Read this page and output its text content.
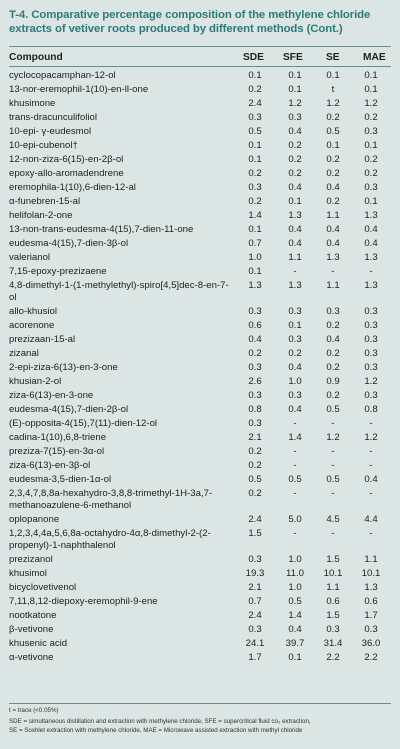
T-4. Comparative percentage composition of the methylene chloride extracts of vetiver roots produced by different methods (Cont.)
Compound	SDE SFE SE MAE
cyclocopacamphan-12-ol	0.1	0.1	0.1	0.1
13-nor-eremophil-1(10)-en-ll-one	0.2	0.1	t	0.1
khusimone	2.4	1.2	1.2	1.2
trans-dracunculifoliol	0.3	0.3	0.2	0.2
10-epi- γ-eudesmol	0.5	0.4	0.5	0.3
10-epi-cubenol†	0.1	0.2	0.1	0.1
12-non-ziza-6(15)-en-2β-ol	0.1	0.2	0.2	0.2
epoxy-allo-aromadendrene	0.2	0.2	0.2	0.2
eremophila-1(10),6-dien-12-al	0.3	0.4	0.4	0.3
α-funebren-15-al	0.2	0.1	0.2	0.1
helifolan-2-one	1.4	1.3	1.1	1.3
13-non-trans-eudesma-4(15),7-dien-11-one	0.1	0.4	0.4	0.4
eudesma-4(15),7-dien-3β-ol	0.7	0.4	0.4	0.4
valerianol	1.0	1.1	1.3	1.3
7,15-epoxy-prezizaene	0.1	-	-	-
4,8-dimethyl-1-(1-methylethyl)-spiro[4,5]dec-8-en-7-ol	1.3	1.3	1.1	1.3
allo-khusiol	0.3	0.3	0.3	0.3
acorenone	0.6	0.1	0.2	0.3
prezizaan-15-al	0.4	0.3	0.4	0.3
zizanal	0.2	0.2	0.2	0.3
2-epi-ziza-6(13)-en-3-one	0.3	0.4	0.2	0.3
khusian-2-ol	2.6	1.0	0.9	1.2
ziza-6(13)-en-3-one	0.3	0.3	0.2	0.3
eudesma-4(15),7-dien-2β-ol	0.8	0.4	0.5	0.8
(E)-opposita-4(15),7(11)-dien-12-ol	0.3	-	-	-
cadina-1(10),6,8-triene	2.1	1.4	1.2	1.2
preziza-7(15)-en-3α-ol	0.2	-	-	-
ziza-6(13)-en-3β-ol	0.2	-	-	-
eudesma-3,5-dien-1α-ol	0.5	0.5	0.5	0.4
2,3,4,7,8,8a-hexahydro-3,8,8-trimethyl-1H-3a,7-methanoazulene-6-methanol	0.2	-	-	-
oplopanone	2.4	5.0	4.5	4.4
1,2,3,4,4a,5,6,8a-octahydro-4α,8-dimethyl-2-(2-propenyl)-1-naphthalenol	1.5	-	-	-
prezizanol	0.3	1.0	1.5	1.1
khusimol	19.3	11.0	10.1	10.1
bicyclovetivenol	2.1	1.0	1.1	1.3
7,11,8,12-diepoxy-eremophil-9-ene	0.7	0.5	0.6	0.6
nootkatone	2.4	1.4	1.5	1.7
β-vetivone	0.3	0.4	0.3	0.3
khusenic acid	24.1	39.7	31.4	36.0
α-vetivone	1.7	0.1	2.2	2.2
t = trace (<0.05%)
SDE = simultaneous distillation and extraction with methylene chloride, SFE = supercritical fluid co₂ extraction,
SE = Soxhlet extraction with methylene chloride, MAE = Microwave assisted extraction with methyl chloride
